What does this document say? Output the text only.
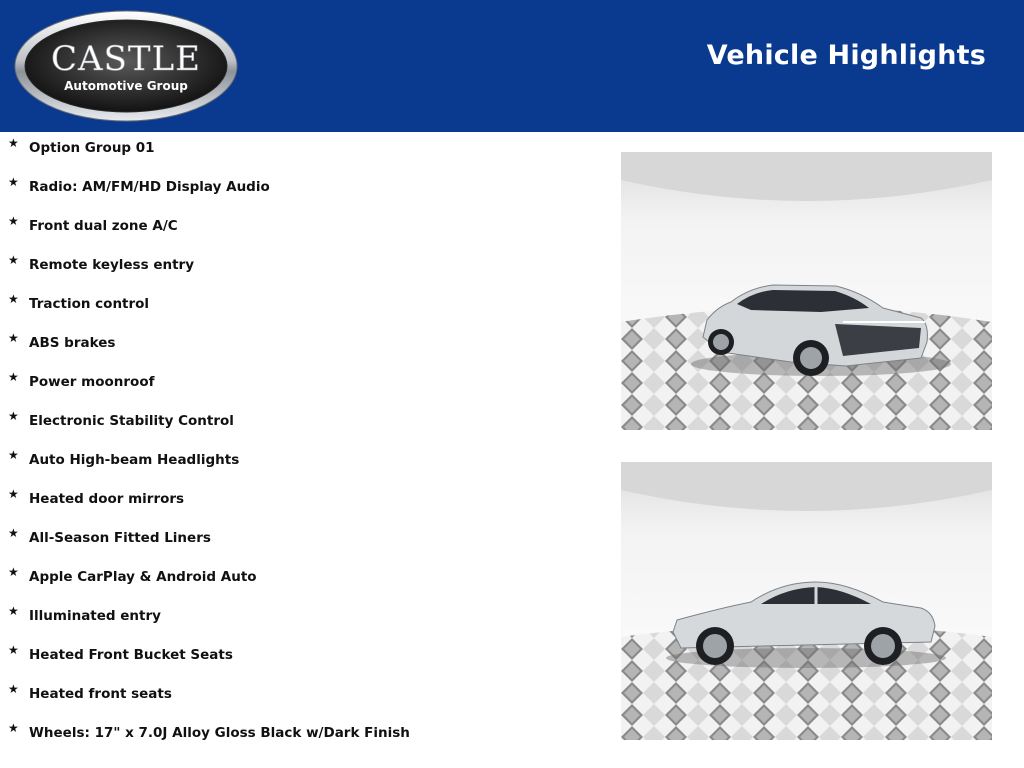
CASTLE
Automotive Group
Vehicle Highlights
★ Option Group 01
★ Radio: AM/FM/HD Display Audio
★ Front dual zone A/C
★ Remote keyless entry
★ Traction control
★ ABS brakes
★ Power moonroof
★ Electronic Stability Control
★ Auto High-beam Headlights
★ Heated door mirrors
★ All-Season Fitted Liners
★ Apple CarPlay & Android Auto
★ Illuminated entry
★ Heated Front Bucket Seats
★ Heated front seats
★ Wheels: 17" x 7.0J Alloy Gloss Black w/Dark Finish
